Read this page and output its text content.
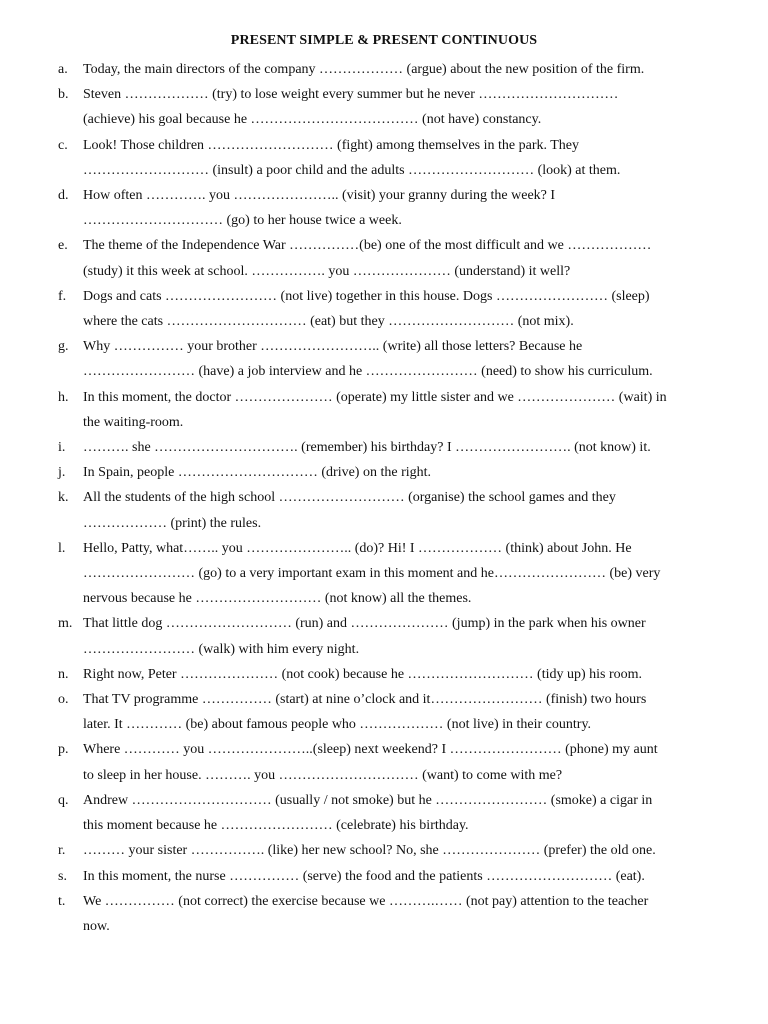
PRESENT SIMPLE & PRESENT CONTINUOUS
a. Today, the main directors of the company ……………… (argue) about the new position of the firm.
b. Steven ……………… (try) to lose weight every summer but he never …………………………
(achieve) his goal because he ……………………………… (not have) constancy.
c. Look! Those children ……………………… (fight) among themselves in the park. They
……………………… (insult) a poor child and the adults ……………………… (look) at them.
d. How often …………. you ………………….. (visit) your granny during the week? I
………………………… (go) to her house twice a week.
e. The theme of the Independence War ……………(be) one of the most difficult and we ………………
(study) it this week at school. ……………. you ………………… (understand) it well?
f. Dogs and cats …………………… (not live) together in this house. Dogs …………………… (sleep)
where the cats ………………………… (eat) but they ……………………… (not mix).
g. Why …………… your brother …………………….. (write) all those letters? Because he
…………………… (have) a job interview and he …………………… (need) to show his curriculum.
h. In this moment, the doctor ………………… (operate) my little sister and we ………………… (wait) in
the waiting-room.
i. ………. she …………………………. (remember) his birthday? I ……………………. (not know) it.
j. In Spain, people ………………………… (drive) on the right.
k. All the students of the high school ……………………… (organise) the school games and they
……………… (print) the rules.
l. Hello, Patty, what…….. you ………………….. (do)? Hi! I ……………… (think) about John. He
…………………… (go) to a very important exam in this moment and he…………………… (be) very
nervous because he ……………………… (not know) all the themes.
m. That little dog ……………………… (run) and ………………… (jump) in the park when his owner
…………………… (walk) with him every night.
n. Right now, Peter ………………… (not cook) because he ……………………… (tidy up) his room.
o. That TV programme …………… (start) at nine o’clock and it…………………… (finish) two hours
later. It ………… (be) about famous people who ……………… (not live) in their country.
p. Where ………… you …………………..(sleep) next weekend? I …………………… (phone) my aunt
to sleep in her house. ………. you ………………………… (want) to come with me?
q. Andrew ………………………… (usually / not smoke) but he …………………… (smoke) a cigar in
this moment because he …………………… (celebrate) his birthday.
r. ……… your sister ……………. (like) her new school? No, she ………………… (prefer) the old one.
s. In this moment, the nurse …………… (serve) the food and the patients ……………………… (eat).
t. We …………… (not correct) the exercise because we ……….…… (not pay) attention to the teacher
now.
